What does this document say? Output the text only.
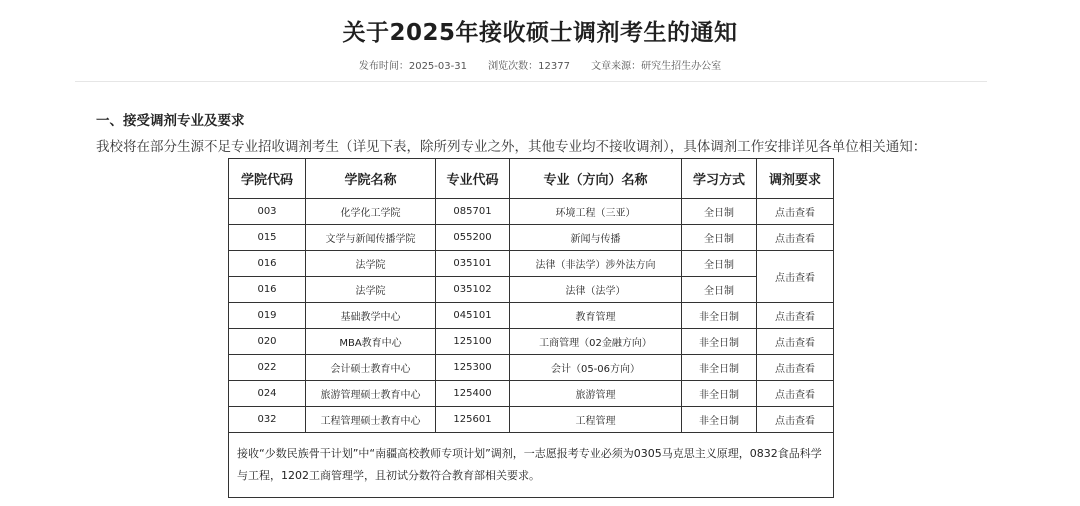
关于2025年接收硕士调剂考生的通知
发布时间：2025-03-31 浏览次数：12377 文章来源：研究生招生办公室
一、接受调剂专业及要求
我校将在部分生源不足专业招收调剂考生（详见下表，除所列专业之外，其他专业均不接收调剂），具体调剂工作安排详见各单位相关通知：
学院代码	学院名称	专业代码	专业（方向）名称	学习方式	调剂要求
003	化学化工学院	085701	环境工程（三亚）	全日制	点击查看
015	文学与新闻传播学院	055200	新闻与传播	全日制	点击查看
016	法学院	035101	法律（非法学）涉外法方向	全日制	点击查看
016	法学院	035102	法律（法学）	全日制	
019	基础教学中心	045101	教育管理	非全日制	点击查看
020	MBA教育中心	125100	工商管理（02金融方向）	非全日制	点击查看
022	会计硕士教育中心	125300	会计（05-06方向）	非全日制	点击查看
024	旅游管理硕士教育中心	125400	旅游管理	非全日制	点击查看
032	工程管理硕士教育中心	125601	工程管理	非全日制	点击查看
接收“少数民族骨干计划”中“南疆高校教师专项计划”调剂，一志愿报考专业必须为0305马克思主义原理，0832食品科学与工程，1202工商管理学，且初试分数符合教育部相关要求。					
